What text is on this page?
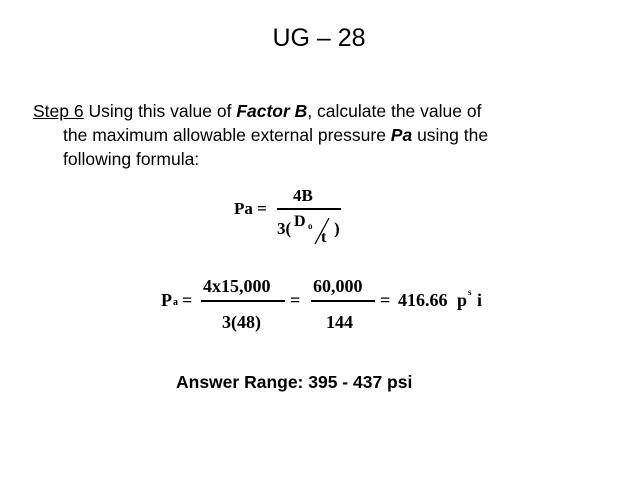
UG – 28
Step 6 Using this value of Factor B, calculate the value of
the maximum allowable external pressure Pa using the
following formula:
Pa =
4B
3( D o
t )
P a =
4x15,000
3(48)
=
60,000
144
= 416.66 p s i
Answer Range: 395 - 437 psi
